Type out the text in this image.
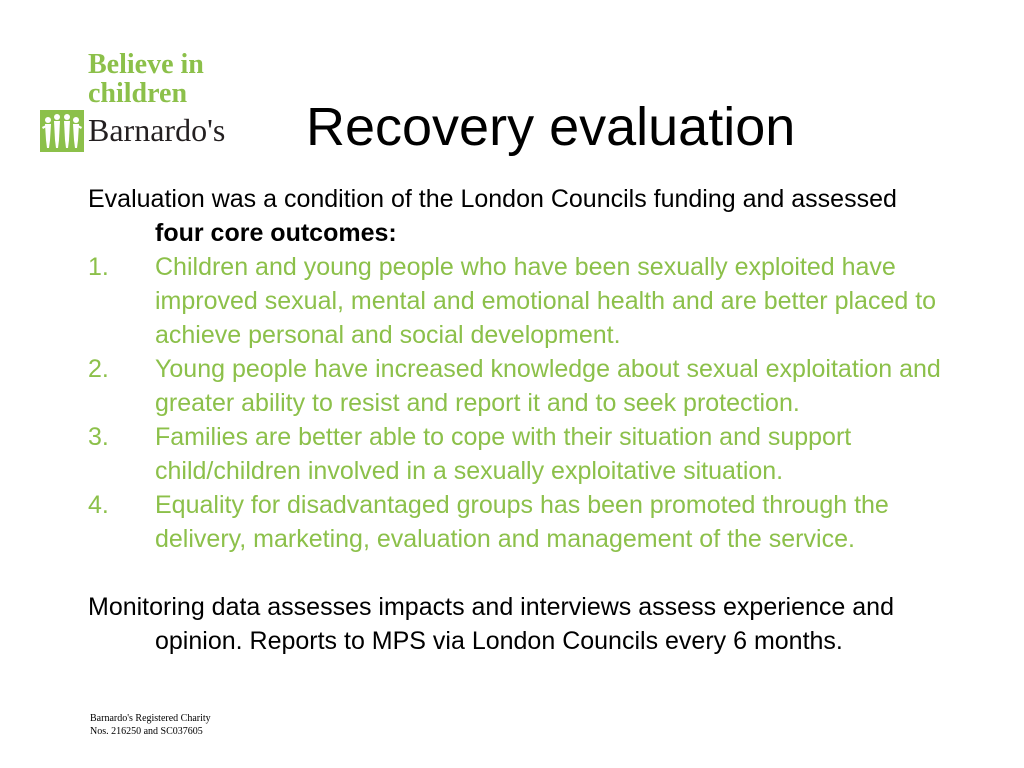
Believe in
children
Barnardo's Recovery evaluation

Evaluation was a condition of the London Councils funding and assessed four core outcomes:

1. Children and young people who have been sexually exploited have improved sexual, mental and emotional health and are better placed to achieve personal and social development.
2. Young people have increased knowledge about sexual exploitation and greater ability to resist and report it and to seek protection.
3. Families are better able to cope with their situation and support child/children involved in a sexually exploitative situation.
4. Equality for disadvantaged groups has been promoted through the delivery, marketing, evaluation and management of the service.

Monitoring data assesses impacts and interviews assess experience and opinion. Reports to MPS via London Councils every 6 months.

Barnardo's Registered Charity
Nos. 216250 and SC037605
